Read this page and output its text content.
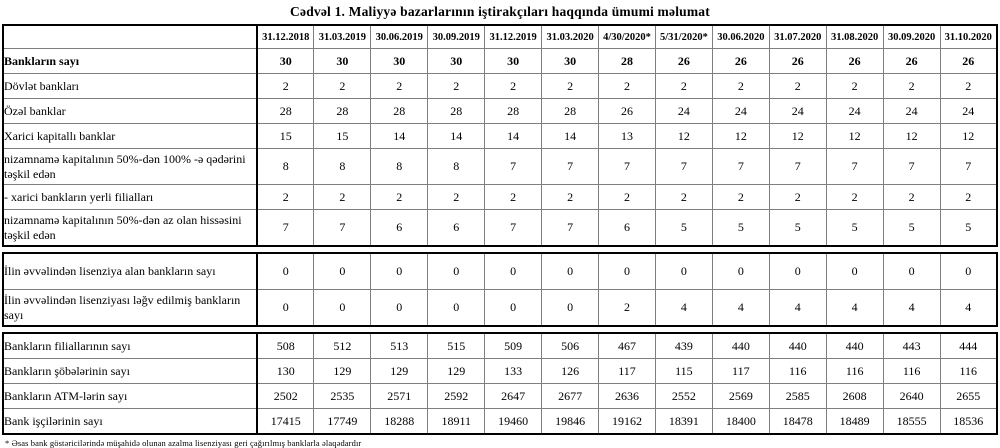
Cədvəl 1. Maliyyə bazarlarının iştirakçıları haqqında ümumi məlumat
	31.12.2018	31.03.2019	30.06.2019	30.09.2019	31.12.2019	31.03.2020	4/30/2020*	5/31/2020*	30.06.2020	31.07.2020	31.08.2020	30.09.2020	31.10.2020
Bankların sayı	30	30	30	30	30	30	28	26	26	26	26	26	26
Dövlət bankları	2	2	2	2	2	2	2	2	2	2	2	2	2
Özəl banklar	28	28	28	28	28	28	26	24	24	24	24	24	24
Xarici kapitallı banklar	15	15	14	14	14	14	13	12	12	12	12	12	12
nizamnamə kapitalının 50%-dən 100% -ə qədərini təşkil edən	8	8	8	8	7	7	7	7	7	7	7	7	7
- xarici bankların yerli filialları	2	2	2	2	2	2	2	2	2	2	2	2	2
nizamnamə kapitalının 50%-dən az olan hissəsini təşkil edən	7	7	6	6	7	7	6	5	5	5	5	5	5
İlin əvvəlindən lisenziya alan bankların sayı	0	0	0	0	0	0	0	0	0	0	0	0	0
İlin əvvəlindən lisenziyası ləğv edilmiş bankların sayı	0	0	0	0	0	0	2	4	4	4	4	4	4
Bankların filiallarının sayı	508	512	513	515	509	506	467	439	440	440	440	443	444
Bankların şöbələrinin sayı	130	129	129	129	133	126	117	115	117	116	116	116	116
Bankların ATM-lərin sayı	2502	2535	2571	2592	2647	2677	2636	2552	2569	2585	2608	2640	2655
Bank işçilərinin sayı	17415	17749	18288	18911	19460	19846	19162	18391	18400	18478	18489	18555	18536
* Əsas bank göstəricilərində müşahidə olunan azalma lisenziyası geri çağırılmış banklarla əlaqədardır
